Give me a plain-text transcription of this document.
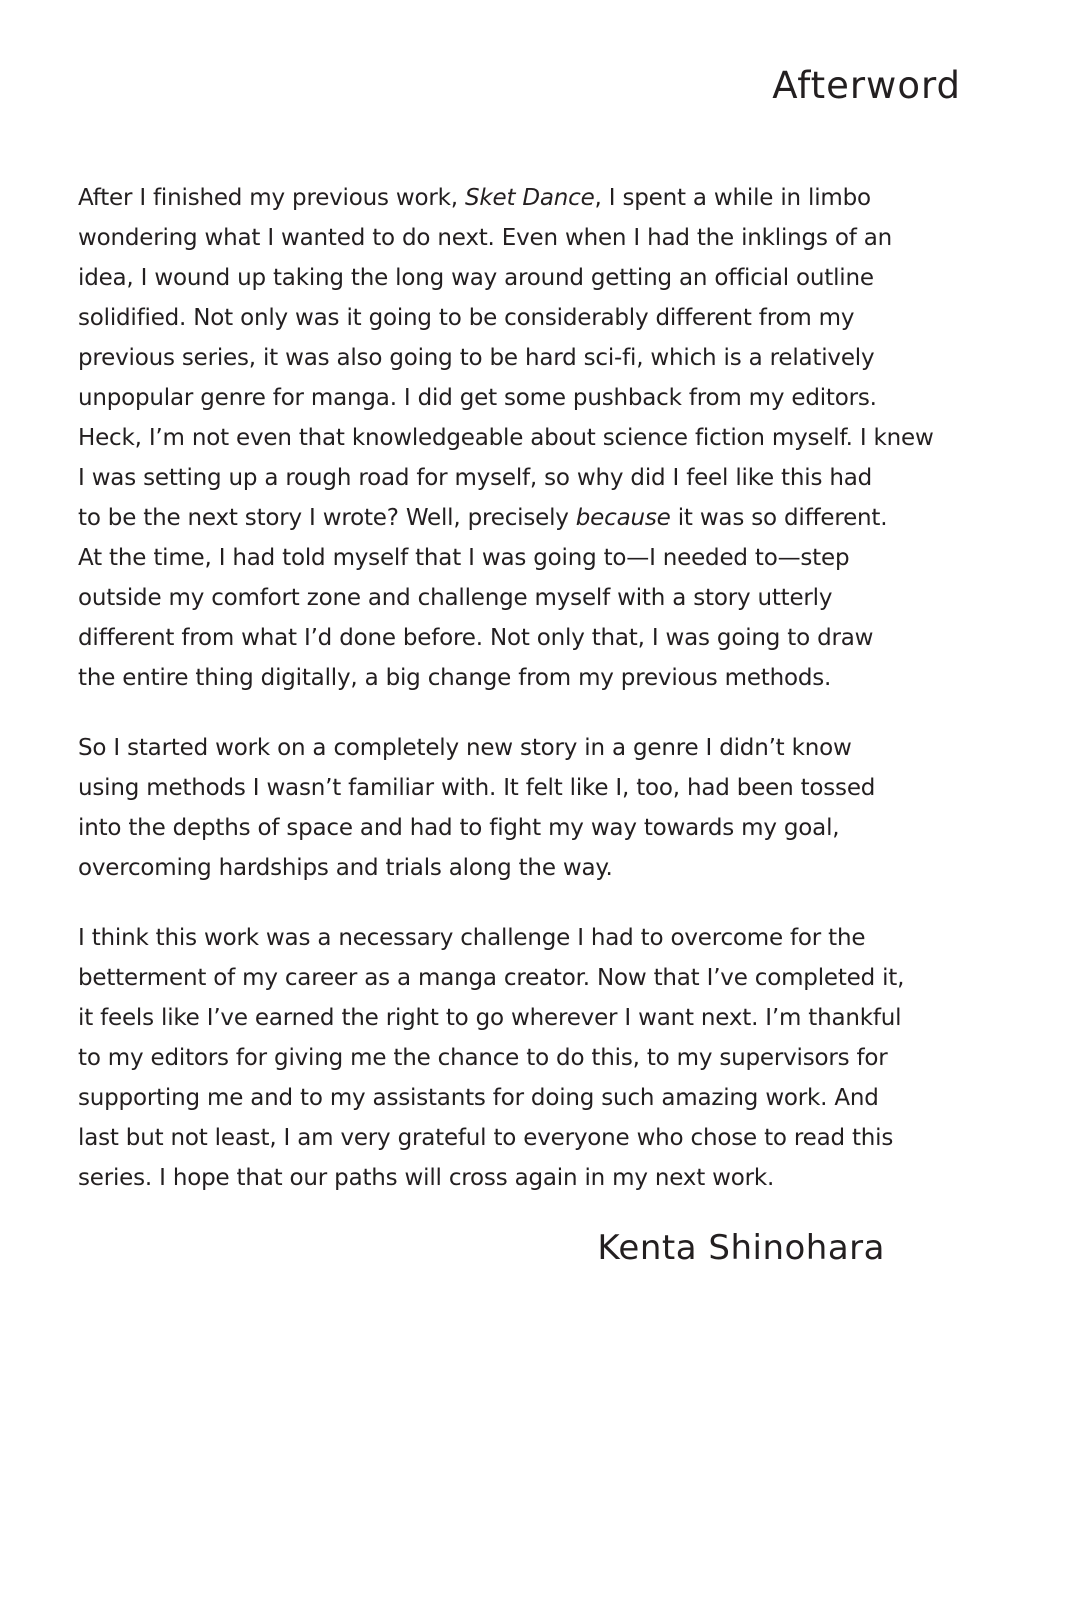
Afterword

After I finished my previous work, Sket Dance, I spent a while in limbo
wondering what I wanted to do next. Even when I had the inklings of an
idea, I wound up taking the long way around getting an official outline
solidified. Not only was it going to be considerably different from my
previous series, it was also going to be hard sci-fi, which is a relatively
unpopular genre for manga. I did get some pushback from my editors.
Heck, I’m not even that knowledgeable about science fiction myself. I knew
I was setting up a rough road for myself, so why did I feel like this had
to be the next story I wrote? Well, precisely because it was so different.
At the time, I had told myself that I was going to—I needed to—step
outside my comfort zone and challenge myself with a story utterly
different from what I’d done before. Not only that, I was going to draw
the entire thing digitally, a big change from my previous methods.

So I started work on a completely new story in a genre I didn’t know
using methods I wasn’t familiar with. It felt like I, too, had been tossed
into the depths of space and had to fight my way towards my goal,
overcoming hardships and trials along the way.

I think this work was a necessary challenge I had to overcome for the
betterment of my career as a manga creator. Now that I’ve completed it,
it feels like I’ve earned the right to go wherever I want next. I’m thankful
to my editors for giving me the chance to do this, to my supervisors for
supporting me and to my assistants for doing such amazing work. And
last but not least, I am very grateful to everyone who chose to read this
series. I hope that our paths will cross again in my next work.

Kenta Shinohara
